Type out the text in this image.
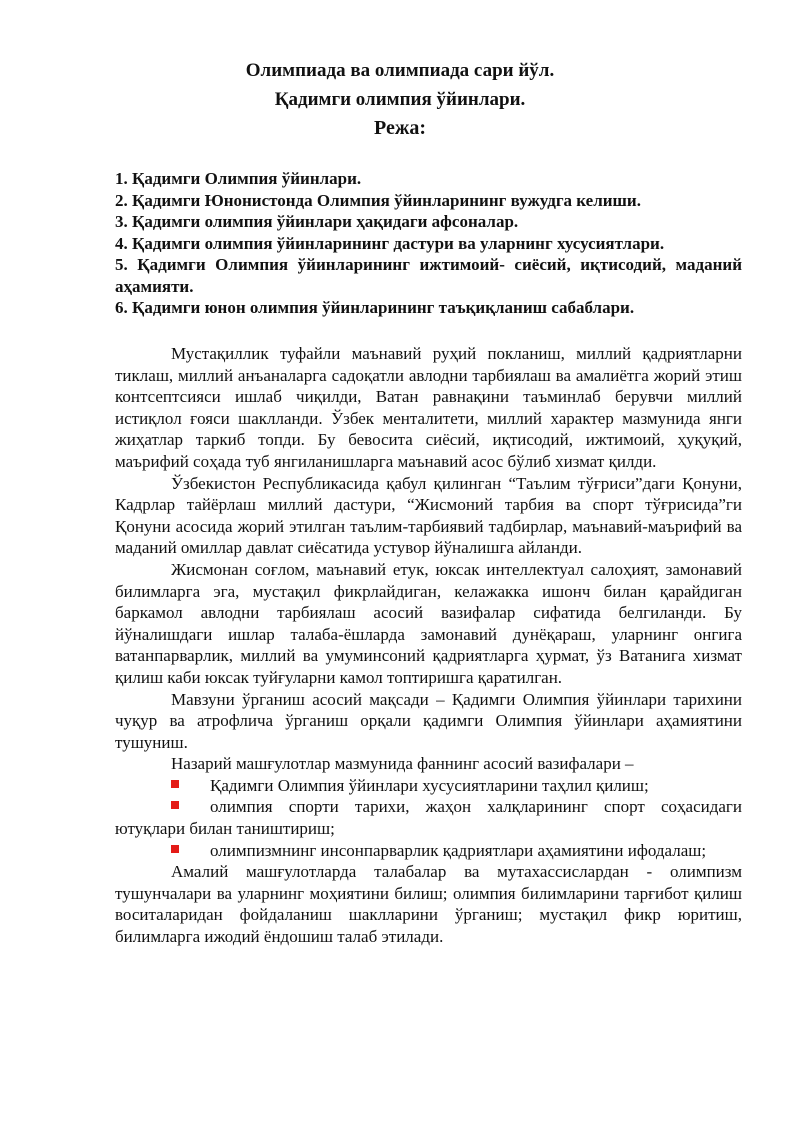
Олимпиада ва олимпиада сари йўл.
Қадимги олимпия ўйинлари.
Режа:
1. Қадимги Олимпия ўйинлари.
2. Қадимги Юнонистонда Олимпия ўйинларининг вужудга келиши.
3. Қадимги олимпия ўйинлари ҳақидаги афсоналар.
4. Қадимги олимпия ўйинларининг дастури ва уларнинг хусусиятлари.
5. Қадимги Олимпия ўйинларининг ижтимоий- сиёсий, иқтисодий, маданий аҳамияти.
6. Қадимги юнон олимпия ўйинларининг таъқиқланиш сабаблари.

Мустақиллик туфайли маънавий руҳий покланиш, миллий қадриятларни тиклаш, миллий анъаналарга садоқатли авлодни тарбиялаш ва амалиётга жорий этиш контсептсияси ишлаб чиқилди, Ватан равнақини таъминлаб берувчи миллий истиқлол ғояси шаклланди. Ўзбек менталитети, миллий характер мазмунида янги жиҳатлар таркиб топди. Бу бевосита сиёсий, иқтисодий, ижтимоий, ҳуқуқий, маърифий соҳада туб янгиланишларга маънавий асос бўлиб хизмат қилди.

Ўзбекистон Республикасида қабул қилинган “Таълим тўғриси”даги Қонуни, Кадрлар тайёрлаш миллий дастури, “Жисмоний тарбия ва спорт тўғрисида”ги Қонуни асосида жорий этилган таълим-тарбиявий тадбирлар, маънавий-маърифий ва маданий омиллар давлат сиёсатида устувор йўналишга айланди.

Жисмонан соғлом, маънавий етук, юксак интеллектуал салоҳият, замонавий билимларга эга, мустақил фикрлайдиган, келажакка ишонч билан қарайдиган баркамол авлодни тарбиялаш асосий вазифалар сифатида белгиланди. Бу йўналишдаги ишлар талаба-ёшларда замонавий дунёқараш, уларнинг онгига ватанпарварлик, миллий ва умуминсоний қадриятларга ҳурмат, ўз Ватанига хизмат қилиш каби юксак туйғуларни камол топтиришга қаратилган.

Мавзуни ўрганиш асосий мақсади – Қадимги Олимпия ўйинлари тарихини чуқур ва атрофлича ўрганиш орқали қадимги Олимпия ўйинлари аҳамиятини тушуниш.

Назарий машғулотлар мазмунида фаннинг асосий вазифалари –

Қадимги Олимпия ўйинлари хусусиятларини таҳлил қилиш;
олимпия спорти тарихи, жаҳон халқларининг спорт соҳасидаги ютуқлари билан таништириш;
олимпизмнинг инсонпарварлик қадриятлари аҳамиятини ифодалаш;

Амалий машғулотларда талабалар ва мутахассислардан - олимпизм тушунчалари ва уларнинг моҳиятини билиш; олимпия билимларини тарғибот қилиш воситаларидан фойдаланиш шаклларини ўрганиш; мустақил фикр юритиш, билимларга ижодий ёндошиш талаб этилади.
